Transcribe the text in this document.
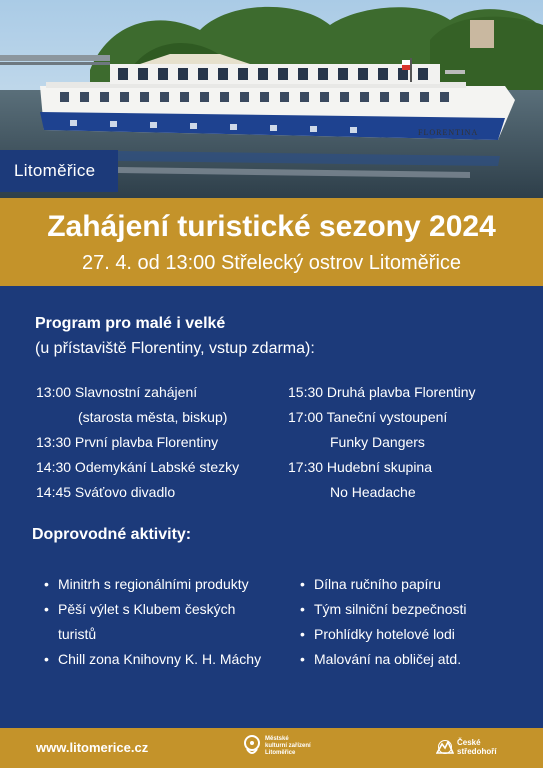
FLORENTINA
Litoměřice
Zahájení turistické sezony 2024
27. 4. od 13:00 Střelecký ostrov Litoměřice
Program pro malé i velké
(u přístaviště Florentiny, vstup zdarma):
13:00 Slavnostní zahájení
(starosta města, biskup)
13:30 První plavba Florentiny
14:30 Odemykání Labské stezky
14:45 Sváťovo divadlo
15:30 Druhá plavba Florentiny
17:00 Taneční vystoupení
Funky Dangers
17:30 Hudební skupina
No Headache
Doprovodné aktivity:
• Minitrh s regionálními produkty
• Pěší výlet s Klubem českých
turistů
• Chill zona Knihovny K. H. Máchy
• Dílna ručního papíru
• Tým silniční bezpečnosti
• Prohlídky hotelové lodi
• Malování na obličej atd.
www.litomerice.cz
Městské
kulturní zařízení
Litoměřice
České
středohoří
